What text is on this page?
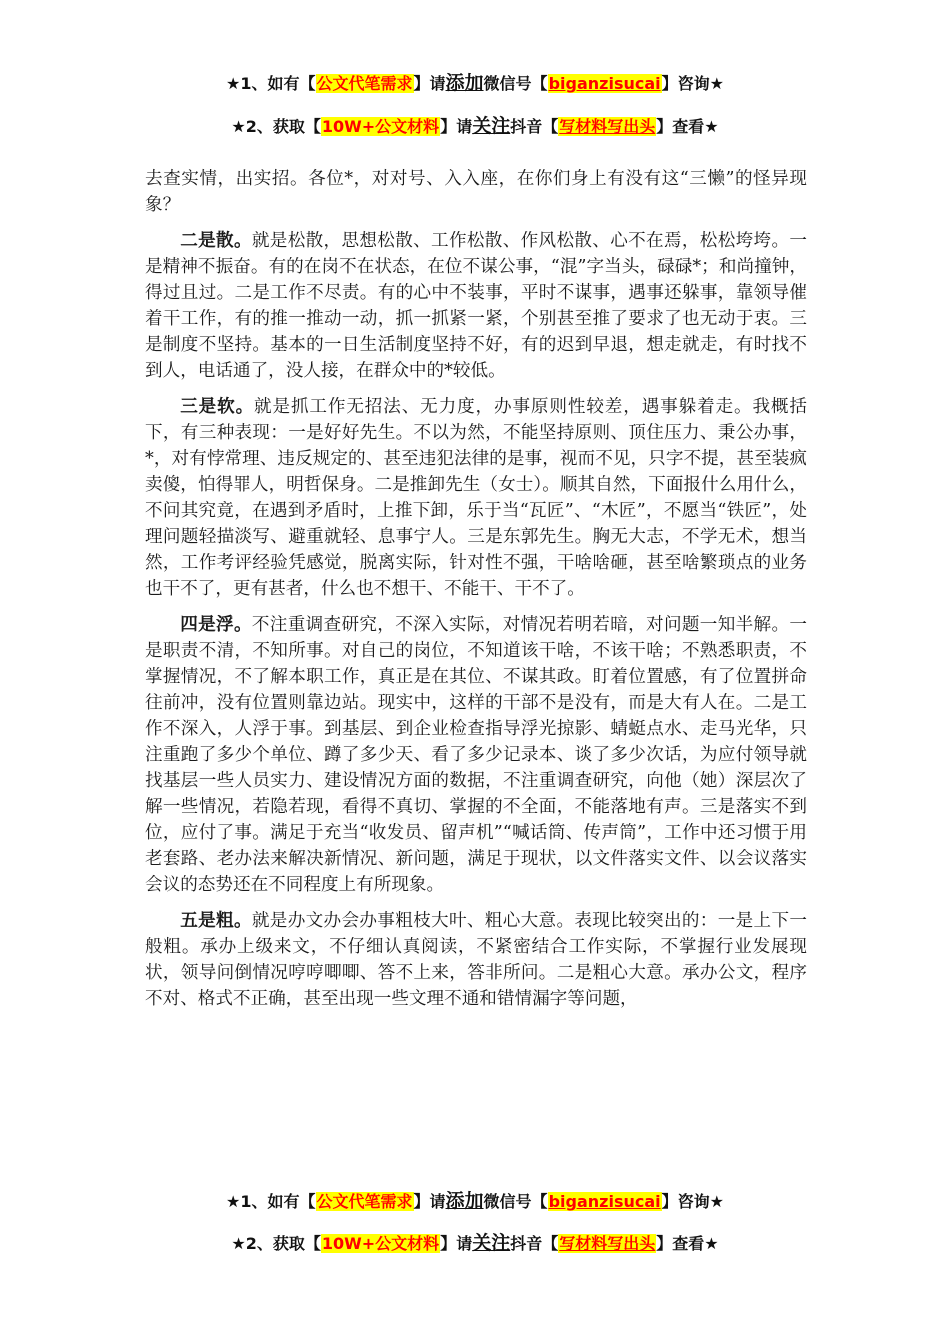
★1、如有【公文代笔需求】请添加微信号【biganzisucai】咨询★
★2、获取【10W+公文材料】请关注抖音【写材料写出头】查看★

去查实情，出实招。各位*，对对号、入入座，在你们身上有没有这“三懒”的怪异现象？

二是散。就是松散，思想松散、工作松散、作风松散、心不在焉，松松垮垮。一是精神不振奋。有的在岗不在状态，在位不谋公事，“混”字当头，碌碌*；和尚撞钟，得过且过。二是工作不尽责。有的心中不装事，平时不谋事，遇事还躲事，靠领导催着干工作，有的推一推动一动，抓一抓紧一紧，个别甚至推了要求了也无动于衷。三是制度不坚持。基本的一日生活制度坚持不好，有的迟到早退，想走就走，有时找不到人，电话通了，没人接，在群众中的*较低。

三是软。就是抓工作无招法、无力度，办事原则性较差，遇事躲着走。我概括下，有三种表现：一是好好先生。不以为然，不能坚持原则、顶住压力、秉公办事，*，对有悖常理、违反规定的、甚至违犯法律的是事，视而不见，只字不提，甚至装疯卖傻，怕得罪人，明哲保身。二是推卸先生（女士）。顺其自然，下面报什么用什么，不问其究竟，在遇到矛盾时，上推下卸，乐于当“瓦匠”、“木匠”，不愿当“铁匠”，处理问题轻描淡写、避重就轻、息事宁人。三是东郭先生。胸无大志，不学无术，想当然，工作考评经验凭感觉，脱离实际，针对性不强，干啥啥砸，甚至啥繁琐点的业务也干不了，更有甚者，什么也不想干、不能干、干不了。

四是浮。不注重调查研究，不深入实际，对情况若明若暗，对问题一知半解。一是职责不清，不知所事。对自己的岗位，不知道该干啥，不该干啥；不熟悉职责，不掌握情况，不了解本职工作，真正是在其位、不谋其政。盯着位置感，有了位置拼命往前冲，没有位置则靠边站。现实中，这样的干部不是没有，而是大有人在。二是工作不深入，人浮于事。到基层、到企业检查指导浮光掠影、蜻蜓点水、走马光华，只注重跑了多少个单位、蹲了多少天、看了多少记录本、谈了多少次话，为应付领导就找基层一些人员实力、建设情况方面的数据，不注重调查研究，向他（她）深层次了解一些情况，若隐若现，看得不真切、掌握的不全面，不能落地有声。三是落实不到位，应付了事。满足于充当“收发员、留声机”“喊话筒、传声筒”，工作中还习惯于用老套路、老办法来解决新情况、新问题，满足于现状，以文件落实文件、以会议落实会议的态势还在不同程度上有所现象。

五是粗。就是办文办会办事粗枝大叶、粗心大意。表现比较突出的：一是上下一般粗。承办上级来文，不仔细认真阅读，不紧密结合工作实际，不掌握行业发展现状，领导问倒情况哼哼唧唧、答不上来，答非所问。二是粗心大意。承办公文，程序不对、格式不正确，甚至出现一些文理不通和错情漏字等问题，

★1、如有【公文代笔需求】请添加微信号【biganzisucai】咨询★
★2、获取【10W+公文材料】请关注抖音【写材料写出头】查看★
